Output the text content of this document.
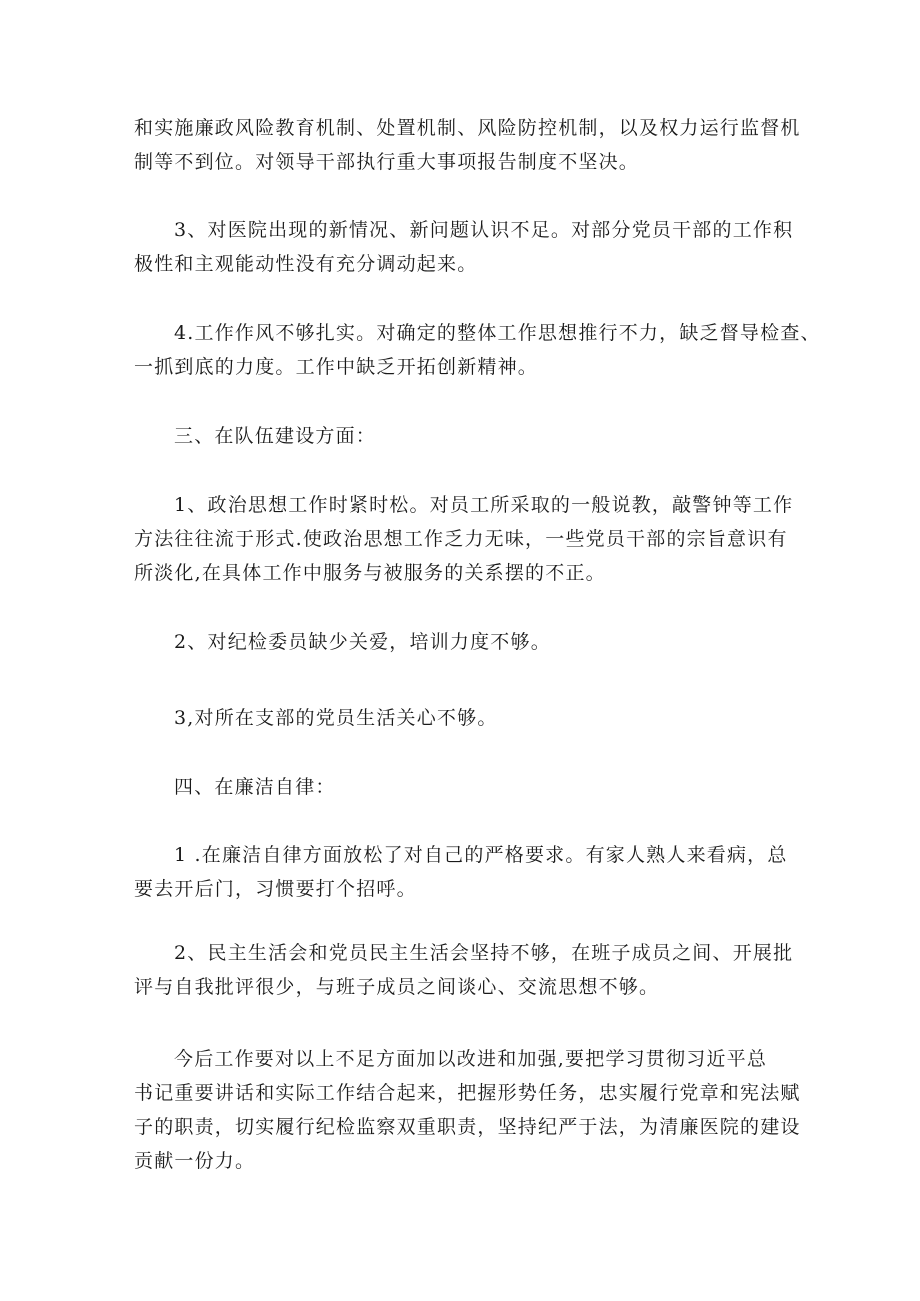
和实施廉政风险教育机制、处置机制、风险防控机制，以及权力运行监督机
制等不到位。对领导干部执行重大事项报告制度不坚决。

3、对医院出现的新情况、新问题认识不足。对部分党员干部的工作积
极性和主观能动性没有充分调动起来。

4.工作作风不够扎实。对确定的整体工作思想推行不力，缺乏督导检查、
一抓到底的力度。工作中缺乏开拓创新精神。

三、在队伍建设方面：

1、政治思想工作时紧时松。对员工所采取的一般说教，敲警钟等工作
方法往往流于形式.使政治思想工作乏力无味，一些党员干部的宗旨意识有
所淡化,在具体工作中服务与被服务的关系摆的不正。

2、对纪检委员缺少关爱，培训力度不够。

3,对所在支部的党员生活关心不够。

四、在廉洁自律：

1 .在廉洁自律方面放松了对自己的严格要求。有家人熟人来看病，总
要去开后门，习惯要打个招呼。

2、民主生活会和党员民主生活会坚持不够，在班子成员之间、开展批
评与自我批评很少，与班子成员之间谈心、交流思想不够。

今后工作要对以上不足方面加以改进和加强,要把学习贯彻习近平总
书记重要讲话和实际工作结合起来，把握形势任务，忠实履行党章和宪法赋
子的职责，切实履行纪检监察双重职责，坚持纪严于法，为清廉医院的建设
贡献一份力。
